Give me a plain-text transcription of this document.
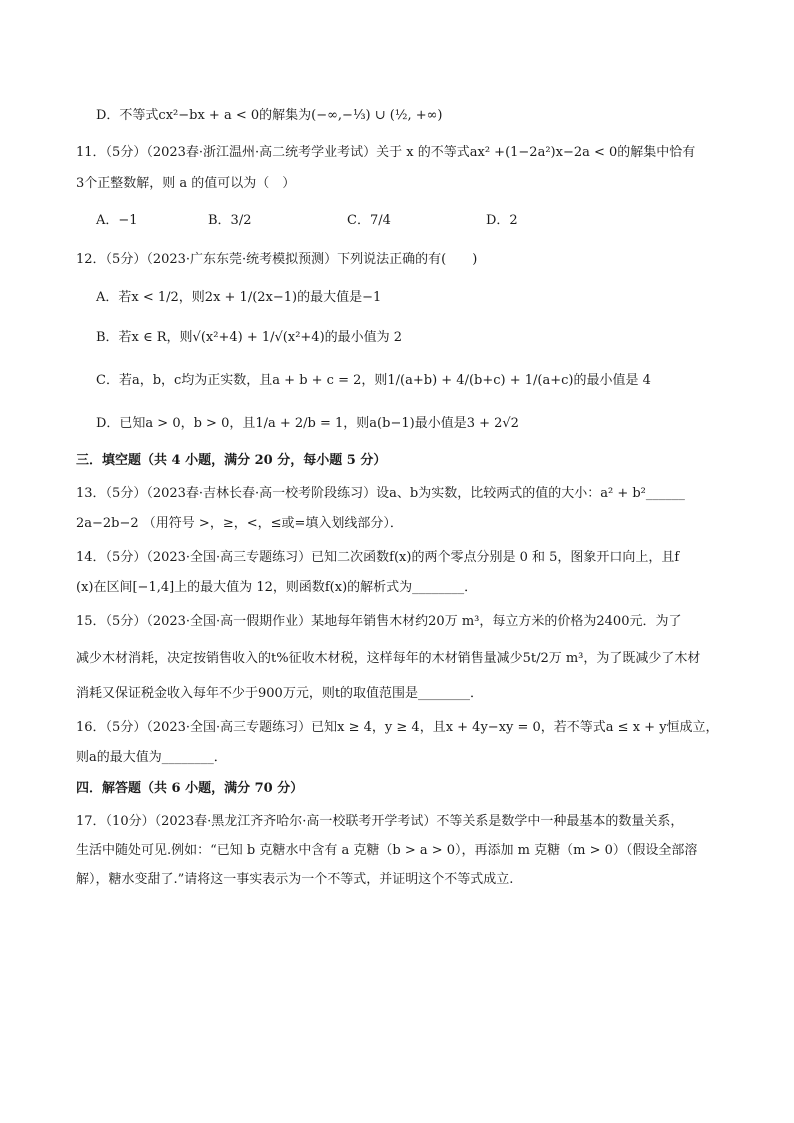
D．不等式cx²−bx + a < 0的解集为(−∞,−⅓) ∪ (½, +∞)
11．（5分）（2023春·浙江温州·高二统考学业考试）关于 x 的不等式ax² +(1−2a²)x−2a < 0的解集中恰有
3个正整数解，则 a 的值可以为（　）
A．−1	B．3/2	C．7/4	D．2
12．（5分）（2023·广东东莞·统考模拟预测）下列说法正确的有(　　)
A．若x < 1/2，则2x + 1/(2x−1)的最大值是−1
B．若x ∈ R，则√(x²+4) + 1/√(x²+4)的最小值为 2
C．若a，b，c均为正实数，且a + b + c = 2，则1/(a+b) + 4/(b+c) + 1/(a+c)的最小值是 4
D．已知a > 0，b > 0，且1/a + 2/b = 1，则a(b−1)最小值是3 + 2√2
三．填空题（共 4 小题，满分 20 分，每小题 5 分）
13．（5分）（2023春·吉林长春·高一校考阶段练习）设a、b为实数，比较两式的值的大小：a² + b²______
2a−2b−2 （用符号 >，≥，<，≤或=填入划线部分）．
14．（5分）（2023·全国·高三专题练习）已知二次函数f(x)的两个零点分别是 0 和 5，图象开口向上，且f
(x)在区间[−1,4]上的最大值为 12，则函数f(x)的解析式为________．
15．（5分）（2023·全国·高一假期作业）某地每年销售木材约20万 m³，每立方米的价格为2400元．为了
减少木材消耗，决定按销售收入的t%征收木材税，这样每年的木材销售量减少5t/2万 m³，为了既减少了木材
消耗又保证税金收入每年不少于900万元，则t的取值范围是________．
16．（5分）（2023·全国·高三专题练习）已知x ≥ 4，y ≥ 4，且x + 4y−xy = 0，若不等式a ≤ x + y恒成立，
则a的最大值为________．
四．解答题（共 6 小题，满分 70 分）
17．（10分）（2023春·黑龙江齐齐哈尔·高一校联考开学考试）不等关系是数学中一种最基本的数量关系，
生活中随处可见.例如：“已知 b 克糖水中含有 a 克糖（b > a > 0），再添加 m 克糖（m > 0）（假设全部溶
解），糖水变甜了.”请将这一事实表示为一个不等式，并证明这个不等式成立.
